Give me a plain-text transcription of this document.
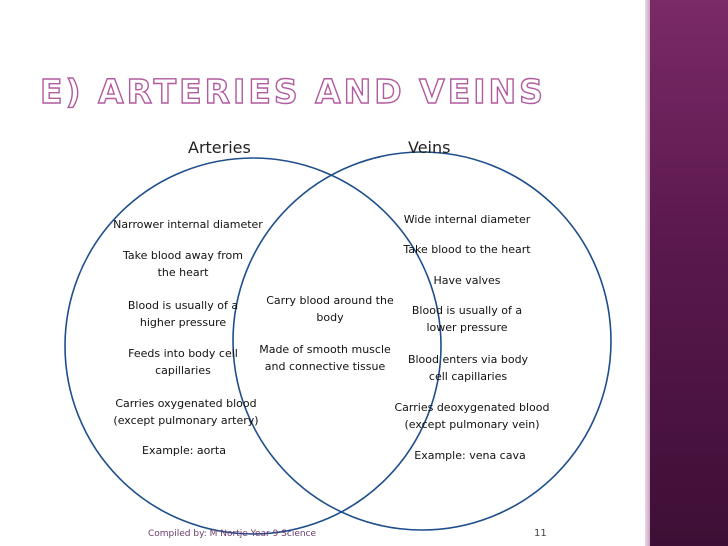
E) ARTERIES AND VEINS
Arteries	Veins
Narrower internal diameter
Take blood away from
the heart
Blood is usually of a
higher pressure
Feeds into body cell
capillaries
Carries oxygenated blood
(except pulmonary artery)
Example: aorta
Carry blood around the
body
Made of smooth muscle
and connective tissue
Wide internal diameter
Take blood to the heart
Have valves
Blood is usually of a
lower pressure
Blood enters via body
cell capillaries
Carries deoxygenated blood
(except pulmonary vein)
Example: vena cava
Compiled by: M Nortje Year 9 Science	11
